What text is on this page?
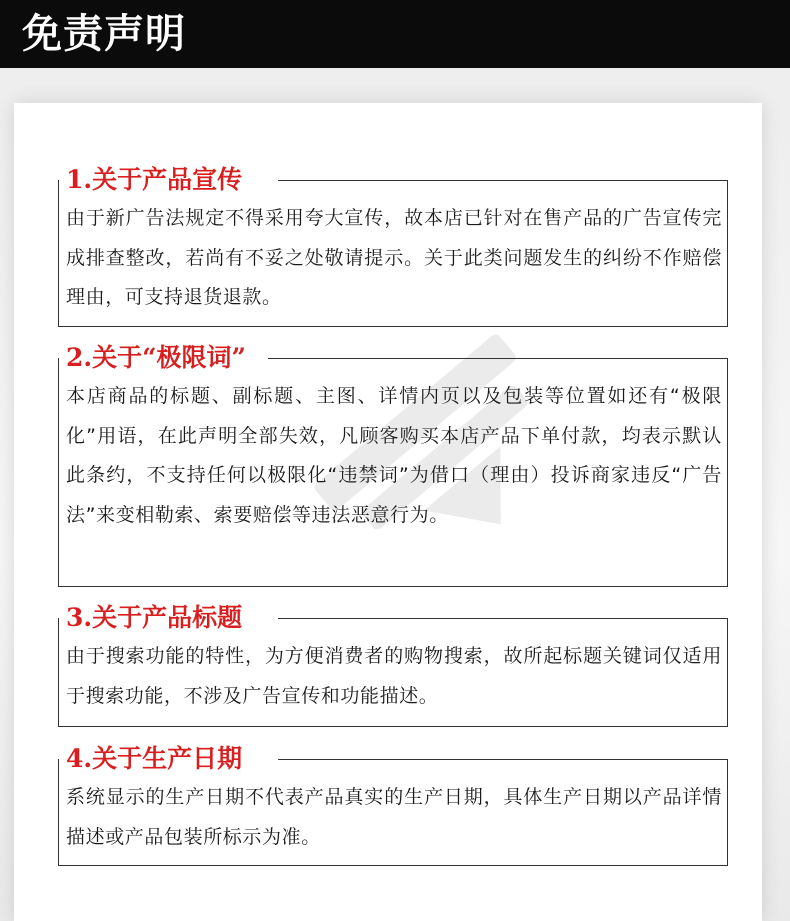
免责声明
1.关于产品宣传
由于新广告法规定不得采用夸大宣传，故本店已针对在售产品的广告宣传完成排查整改，若尚有不妥之处敬请提示。关于此类问题发生的纠纷不作赔偿理由，可支持退货退款。
2.关于“极限词”
本店商品的标题、副标题、主图、详情内页以及包装等位置如还有“极限化”用语，在此声明全部失效，凡顾客购买本店产品下单付款，均表示默认此条约，不支持任何以极限化“违禁词”为借口（理由）投诉商家违反“广告法”来变相勒索、索要赔偿等违法恶意行为。
3.关于产品标题
由于搜索功能的特性，为方便消费者的购物搜索，故所起标题关键词仅适用于搜索功能，不涉及广告宣传和功能描述。
4.关于生产日期
系统显示的生产日期不代表产品真实的生产日期，具体生产日期以产品详情描述或产品包装所标示为准。
